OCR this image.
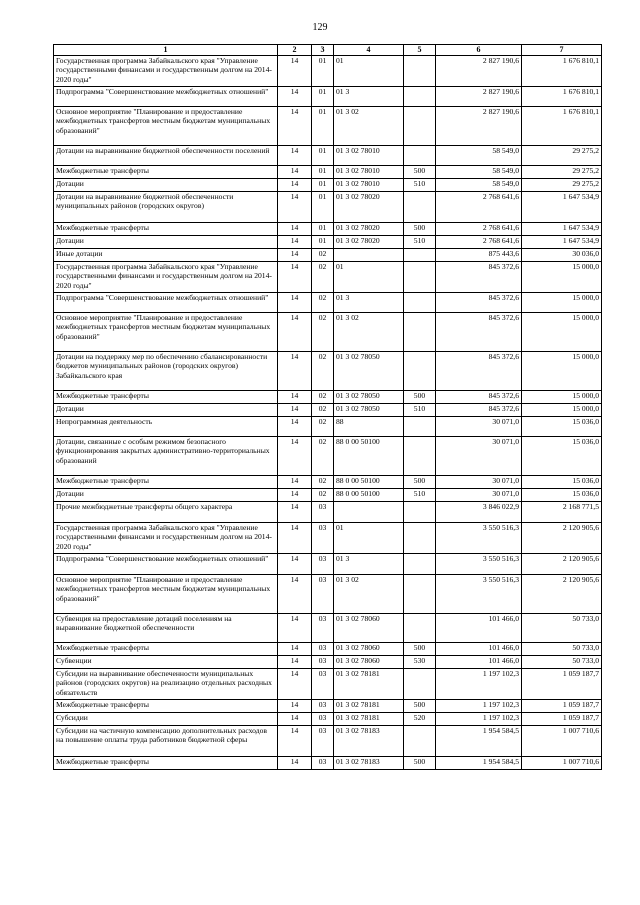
129
1	2	3	4	5	6	7
Государственная программа Забайкальского края "Управление государственными финансами и государственным долгом на 2014-2020 годы"	14	01	01		2 827 190,6	1 676 810,1
Подпрограмма "Совершенствование межбюджетных отношений"	14	01	01 3		2 827 190,6	1 676 810,1
Основное мероприятие "Планирование и предоставление межбюджетных трансфертов местным бюджетам муниципальных образований"	14	01	01 3 02		2 827 190,6	1 676 810,1
Дотации на выравнивание бюджетной обеспеченности поселений	14	01	01 3 02 78010		58 549,0	29 275,2
Межбюджетные трансферты	14	01	01 3 02 78010	500	58 549,0	29 275,2
Дотации	14	01	01 3 02 78010	510	58 549,0	29 275,2
Дотации на выравнивание бюджетной обеспеченности муниципальных районов (городских округов)	14	01	01 3 02 78020		2 768 641,6	1 647 534,9
Межбюджетные трансферты	14	01	01 3 02 78020	500	2 768 641,6	1 647 534,9
Дотации	14	01	01 3 02 78020	510	2 768 641,6	1 647 534,9
Иные дотации	14	02			875 443,6	30 036,0
Государственная программа Забайкальского края "Управление государственными финансами и государственным долгом на 2014-2020 годы"	14	02	01		845 372,6	15 000,0
Подпрограмма "Совершенствование межбюджетных отношений"	14	02	01 3		845 372,6	15 000,0
Основное мероприятие "Планирование и предоставление межбюджетных трансфертов местным бюджетам муниципальных образований"	14	02	01 3 02		845 372,6	15 000,0
Дотации на поддержку мер по обеспечению сбалансированности бюджетов муниципальных районов (городских округов) Забайкальского края	14	02	01 3 02 78050		845 372,6	15 000,0
Межбюджетные трансферты	14	02	01 3 02 78050	500	845 372,6	15 000,0
Дотации	14	02	01 3 02 78050	510	845 372,6	15 000,0
Непрограммная деятельность	14	02	88		30 071,0	15 036,0
Дотации, связанные с особым режимом безопасного функционирования закрытых административно-территориальных образований	14	02	88 0 00 50100		30 071,0	15 036,0
Межбюджетные трансферты	14	02	88 0 00 50100	500	30 071,0	15 036,0
Дотации	14	02	88 0 00 50100	510	30 071,0	15 036,0
Прочие межбюджетные трансферты общего характера	14	03			3 846 022,9	2 168 771,5
Государственная программа Забайкальского края "Управление государственными финансами и государственным долгом на 2014-2020 годы"	14	03	01		3 550 516,3	2 120 905,6
Подпрограмма "Совершенствование межбюджетных отношений"	14	03	01 3		3 550 516,3	2 120 905,6
Основное мероприятие "Планирование и предоставление межбюджетных трансфертов местным бюджетам муниципальных образований"	14	03	01 3 02		3 550 516,3	2 120 905,6
Субвенция на предоставление дотаций поселениям на выравнивание бюджетной обеспеченности	14	03	01 3 02 78060		101 466,0	50 733,0
Межбюджетные трансферты	14	03	01 3 02 78060	500	101 466,0	50 733,0
Субвенции	14	03	01 3 02 78060	530	101 466,0	50 733,0
Субсидии на выравнивание обеспеченности муниципальных районов (городских округов) на реализацию отдельных расходных обязательств	14	03	01 3 02 78181		1 197 102,3	1 059 187,7
Межбюджетные трансферты	14	03	01 3 02 78181	500	1 197 102,3	1 059 187,7
Субсидии	14	03	01 3 02 78181	520	1 197 102,3	1 059 187,7
Субсидии на частичную компенсацию дополнительных расходов на повышение оплаты труда работников бюджетной сферы	14	03	01 3 02 78183		1 954 584,5	1 007 710,6
Межбюджетные трансферты	14	03	01 3 02 78183	500	1 954 584,5	1 007 710,6
